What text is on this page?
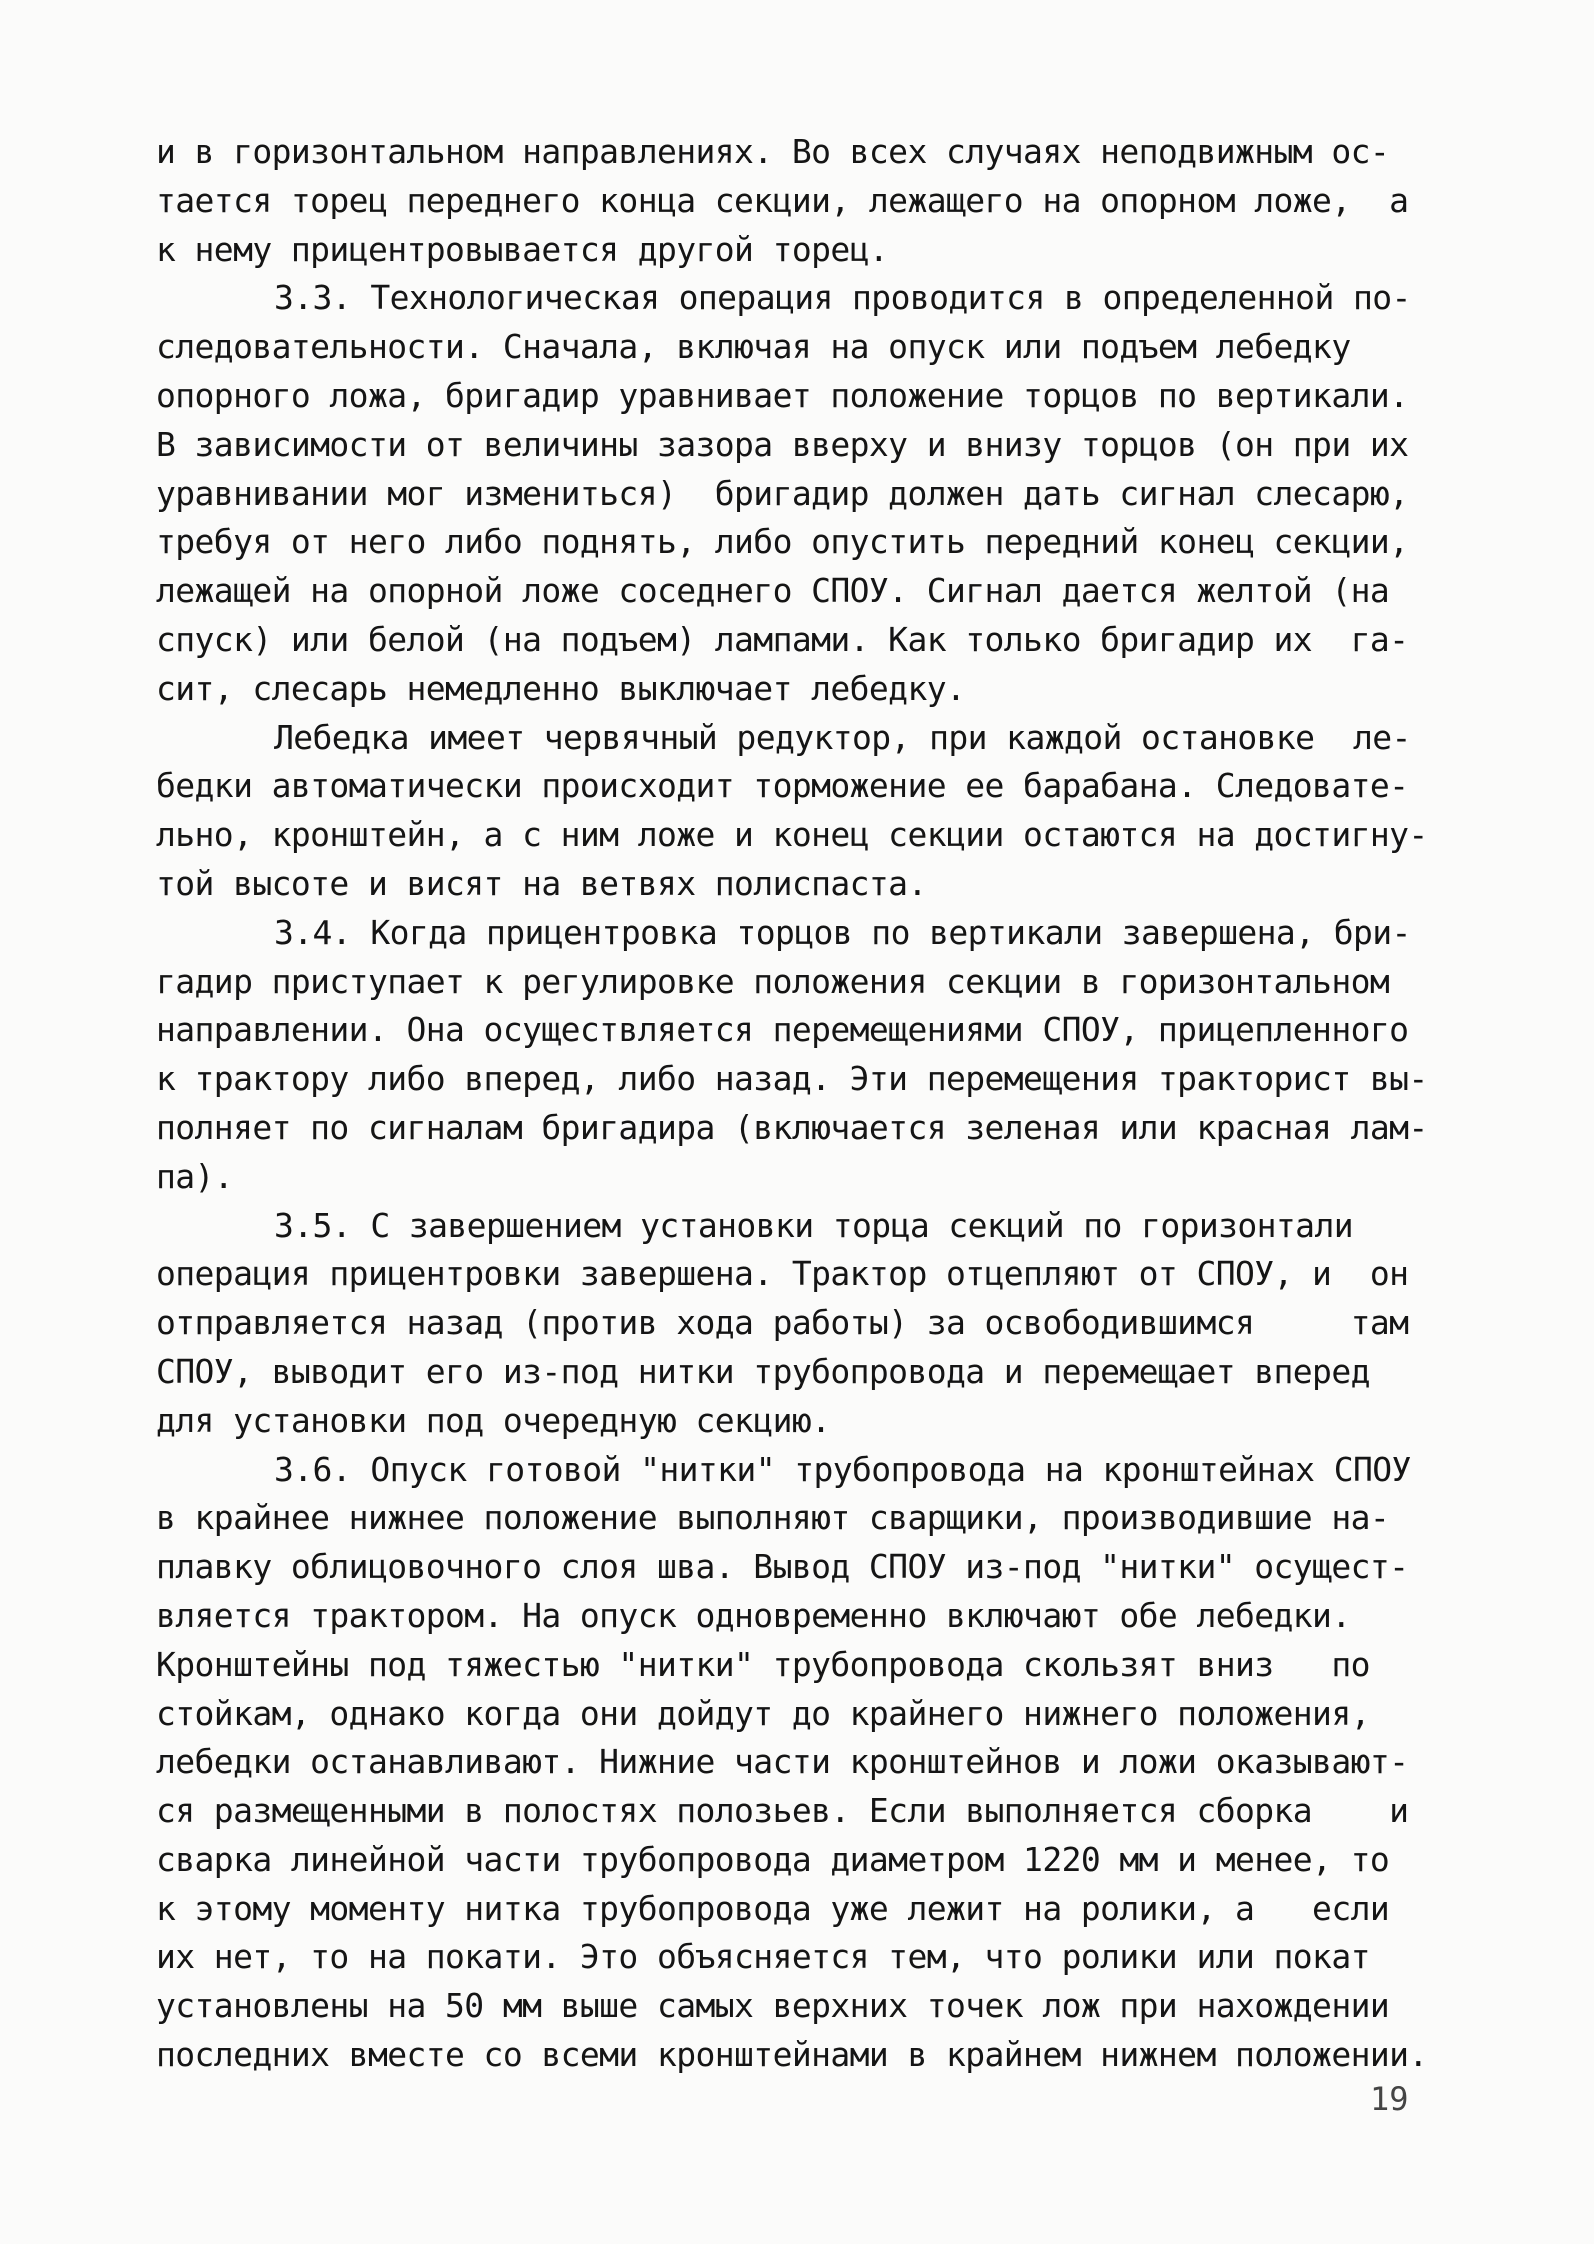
и в горизонтальном направлениях. Во всех случаях неподвижным ос-
тается торец переднего конца секции, лежащего на опорном ложе,  а
к нему прицентровывается другой торец.
3.3. Технологическая операция проводится в определенной по-
следовательности. Сначала, включая на опуск или подъем лебедку
опорного ложа, бригадир уравнивает положение торцов по вертикали.
В зависимости от величины зазора вверху и внизу торцов (он при их
уравнивании мог измениться)  бригадир должен дать сигнал слесарю,
требуя от него либо поднять, либо опустить передний конец секции,
лежащей на опорной ложе соседнего СПОУ. Сигнал дается желтой (на
спуск) или белой (на подъем) лампами. Как только бригадир их  га-
сит, слесарь немедленно выключает лебедку.
Лебедка имеет червячный редуктор, при каждой остановке  ле-
бедки автоматически происходит торможение ее барабана. Следовате-
льно, кронштейн, а с ним ложе и конец секции остаются на достигну-
той высоте и висят на ветвях полиспаста.
3.4. Когда прицентровка торцов по вертикали завершена, бри-
гадир приступает к регулировке положения секции в горизонтальном
направлении. Она осуществляется перемещениями СПОУ, прицепленного
к трактору либо вперед, либо назад. Эти перемещения тракторист вы-
полняет по сигналам бригадира (включается зеленая или красная лам-
па).
3.5. С завершением установки торца секций по горизонтали
операция прицентровки завершена. Трактор отцепляют от СПОУ, и  он
отправляется назад (против хода работы) за освободившимся     там
СПОУ, выводит его из-под нитки трубопровода и перемещает вперед
для установки под очередную секцию.
3.6. Опуск готовой "нитки" трубопровода на кронштейнах СПОУ
в крайнее нижнее положение выполняют сварщики, производившие на-
плавку облицовочного слоя шва. Вывод СПОУ из-под "нитки" осущест-
вляется трактором. На опуск одновременно включают обе лебедки.
Кронштейны под тяжестью "нитки" трубопровода скользят вниз   по
стойкам, однако когда они дойдут до крайнего нижнего положения,
лебедки останавливают. Нижние части кронштейнов и ложи оказывают-
ся размещенными в полостях полозьев. Если выполняется сборка    и
сварка линейной части трубопровода диаметром 1220 мм и менее, то
к этому моменту нитка трубопровода уже лежит на ролики, а   если
их нет, то на покати. Это объясняется тем, что ролики или покат
установлены на 50 мм выше самых верхних точек лож при нахождении
последних вместе со всеми кронштейнами в крайнем нижнем положении.
19
